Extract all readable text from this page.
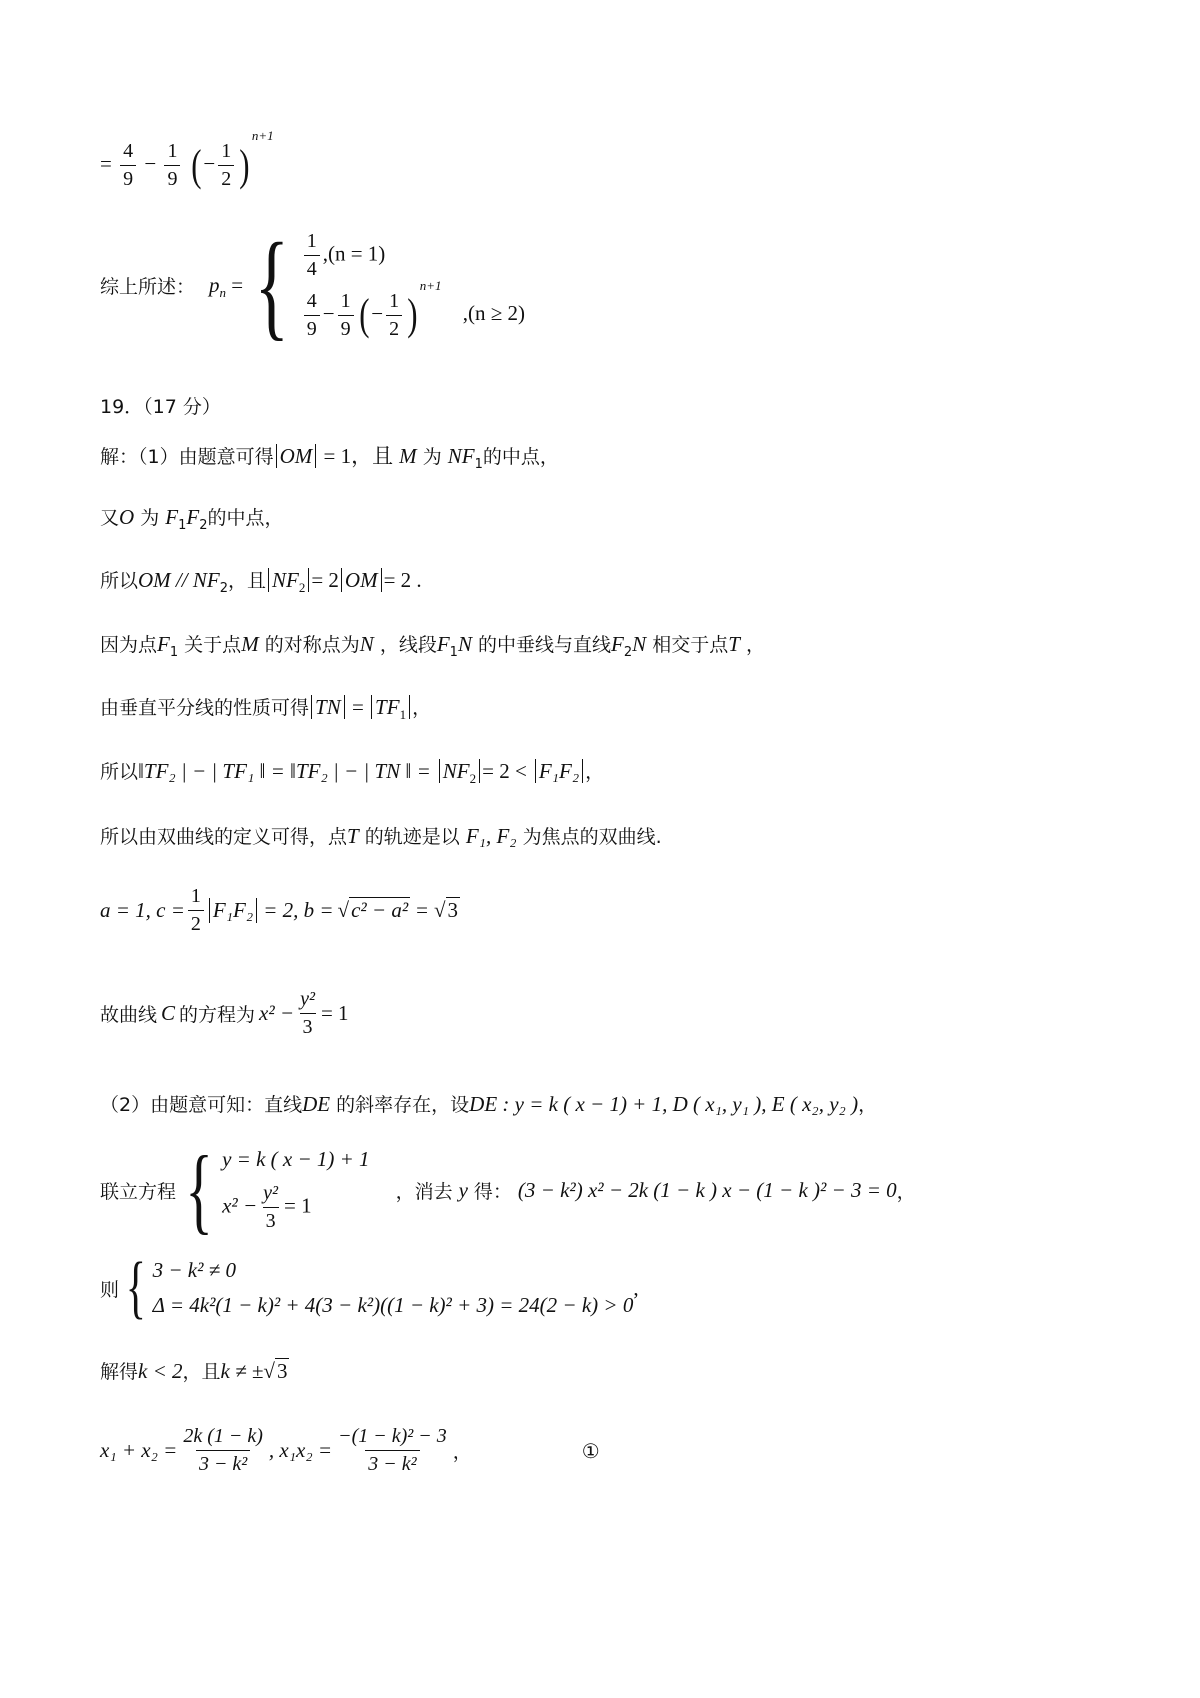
= $\frac{4}{9} - \frac{1}{9}$ ( − $\frac{1}{2} )^{n+1}$
综上所述： $p_n$ = { $\frac{1}{4} ,(n = 1)$
$\frac{4}{9} - \frac{1}{9}$ ( − $\frac{1}{2} )^{n+1}$ ,(n ≥ 2)
19．（17 分）
解：（1）由题意可得 OM = 1，且 M 为 $NF_1$的中点，
又O 为 $F_1F_2$的中点，
所以OM // $NF_2$，且 $NF_2 = 2$ OM = 2 .
因为点$F_1$ 关于点M 的对称点为N ，线段$F_1N$ 的中垂线与直线$F_2N$ 相交于点T ，
由垂直平分线的性质可得 TN = $TF_1$ ，
所以‖TF₂ | − | TF₁ ‖ = ‖TF₂ | − | TN ‖ = $NF_2 = 2 < F_1F_2$ ，
所以由双曲线的定义可得，点T 的轨迹是以 F₁, F₂ 为焦点的双曲线.
a = 1, $c = \frac{1}{2} F_1F_2 = 2$, b = √ c² − a² = √ 3
故曲线 C 的方程为 $x^2 - \frac{\text{y²}}{3} = 1$
（2）由题意可知：直线DE 的斜率存在，设DE : y = k ( x − 1) + 1, D ( x₁, y₁ ), E ( x₂, y₂ )，
联立方程 { y = k ( x − 1) + 1
$x^2 - \frac{\text{y²}}{3} = 1$
，消去 y 得： (3 − k²) x² − 2k (1 − k ) x − (1 − k )² − 3 = 0 ，
则 { 3 − k² ≠ 0
Δ = 4k²(1 − k)² + 4(3 − k²)((1 − k)² + 3) = 24(2 − k) > 0
,
解得k < 2，且k ≠ ±√3
$x_1 + x_2 = \frac{2k (1 - k)}{\text{3 − k²}}$ , $x_1x_2 = \frac{\text{−(1 − k)² − 3}}{\text{3 − k²}}$ ，	①
